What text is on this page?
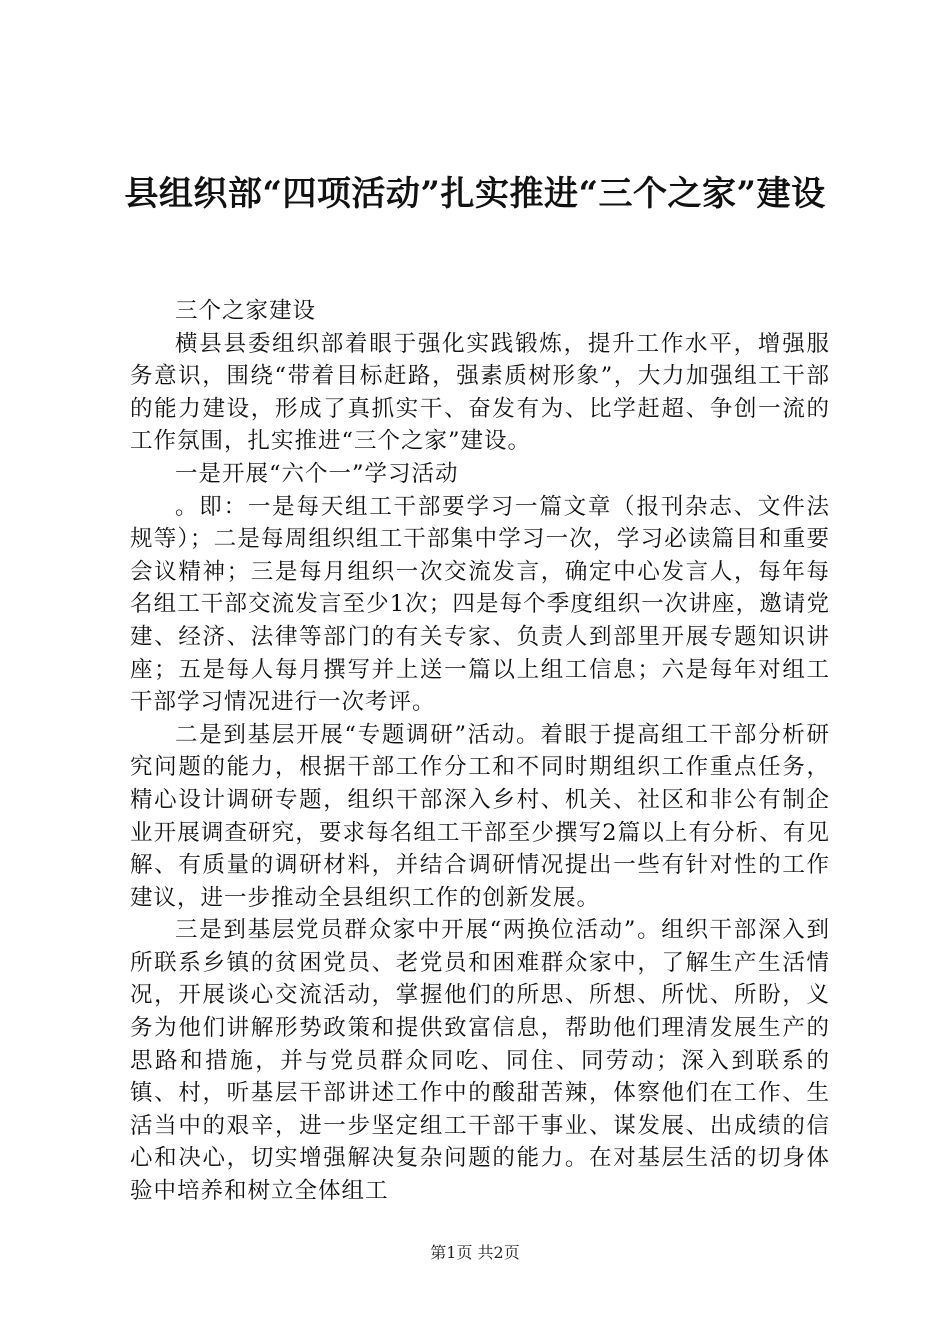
县组织部“四项活动”扎实推进“三个之家”建设

三个之家建设

横县县委组织部着眼于强化实践锻炼，提升工作水平，增强服务意识，围绕“带着目标赶路，强素质树形象”，大力加强组工干部的能力建设，形成了真抓实干、奋发有为、比学赶超、争创一流的工作氛围，扎实推进“三个之家”建设。

一是开展“六个一”学习活动

。即：一是每天组工干部要学习一篇文章（报刊杂志、文件法规等）；二是每周组织组工干部集中学习一次，学习必读篇目和重要会议精神；三是每月组织一次交流发言，确定中心发言人，每年每名组工干部交流发言至少1次；四是每个季度组织一次讲座，邀请党建、经济、法律等部门的有关专家、负责人到部里开展专题知识讲座；五是每人每月撰写并上送一篇以上组工信息；六是每年对组工干部学习情况进行一次考评。

二是到基层开展“专题调研”活动。着眼于提高组工干部分析研究问题的能力，根据干部工作分工和不同时期组织工作重点任务，精心设计调研专题，组织干部深入乡村、机关、社区和非公有制企业开展调查研究，要求每名组工干部至少撰写2篇以上有分析、有见解、有质量的调研材料，并结合调研情况提出一些有针对性的工作建议，进一步推动全县组织工作的创新发展。

三是到基层党员群众家中开展“两换位活动”。组织干部深入到所联系乡镇的贫困党员、老党员和困难群众家中，了解生产生活情况，开展谈心交流活动，掌握他们的所思、所想、所忧、所盼，义务为他们讲解形势政策和提供致富信息，帮助他们理清发展生产的思路和措施，并与党员群众同吃、同住、同劳动；深入到联系的镇、村，听基层干部讲述工作中的酸甜苦辣，体察他们在工作、生活当中的艰辛，进一步坚定组工干部干事业、谋发展、出成绩的信心和决心，切实增强解决复杂问题的能力。在对基层生活的切身体验中培养和树立全体组工

第1页 共2页
